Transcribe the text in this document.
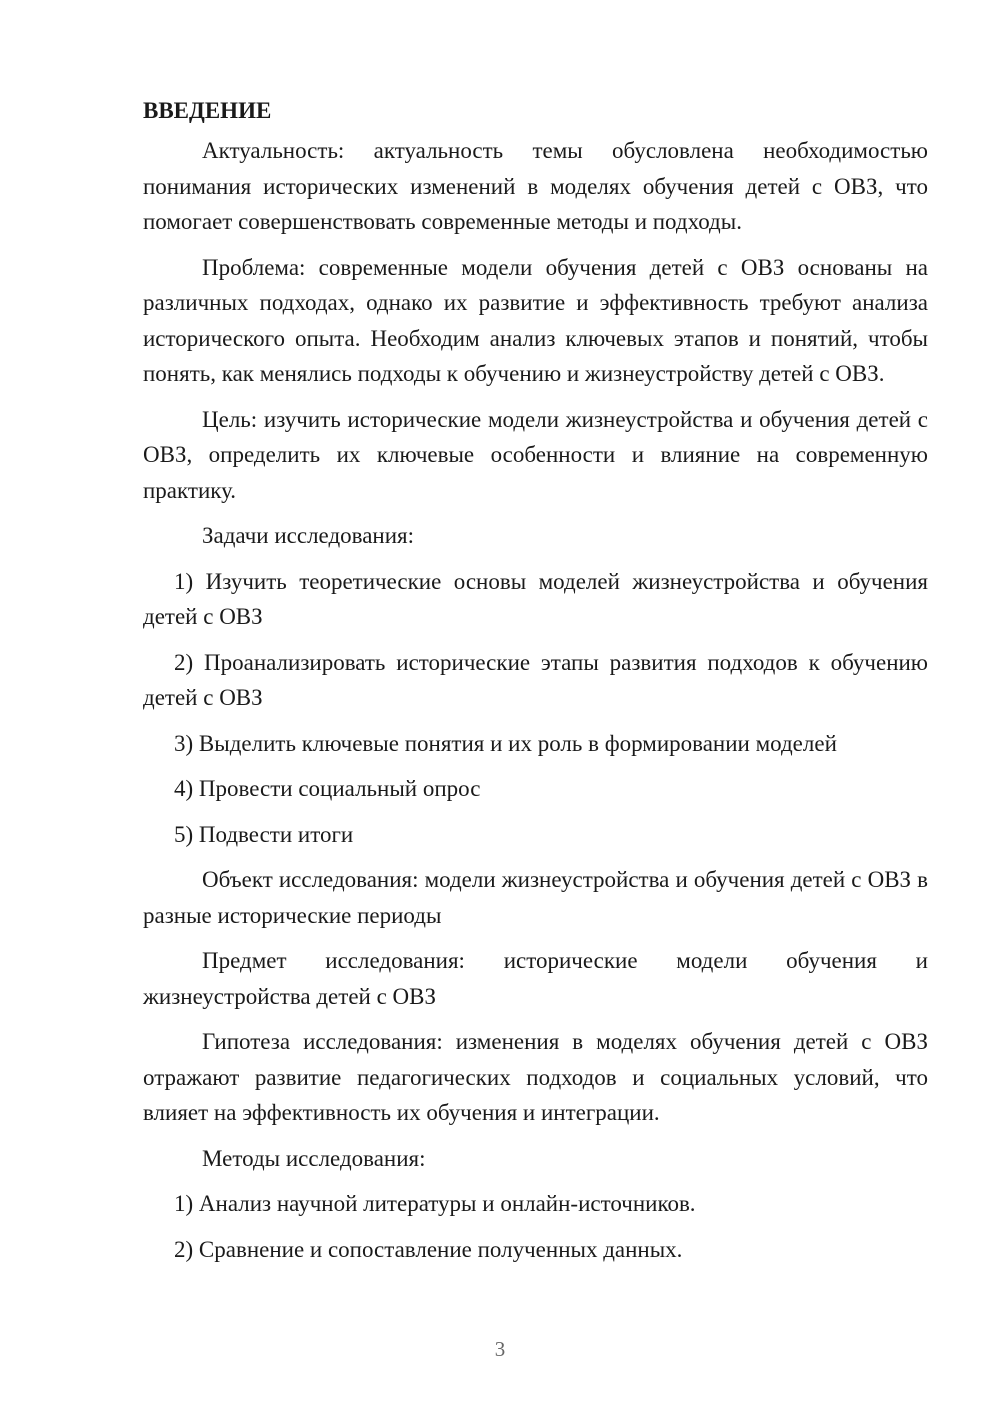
ВВЕДЕНИЕ

Актуальность: актуальность темы обусловлена необходимостью понимания исторических изменений в моделях обучения детей с ОВЗ, что помогает совершенствовать современные методы и подходы.

Проблема: современные модели обучения детей с ОВЗ основаны на различных подходах, однако их развитие и эффективность требуют анализа исторического опыта. Необходим анализ ключевых этапов и понятий, чтобы понять, как менялись подходы к обучению и жизнеустройству детей с ОВЗ.

Цель: изучить исторические модели жизнеустройства и обучения детей с ОВЗ, определить их ключевые особенности и влияние на современную практику.

Задачи исследования:

1) Изучить теоретические основы моделей жизнеустройства и обучения детей с ОВЗ

2) Проанализировать исторические этапы развития подходов к обучению детей с ОВЗ

3) Выделить ключевые понятия и их роль в формировании моделей

4) Провести социальный опрос

5) Подвести итоги

Объект исследования: модели жизнеустройства и обучения детей с ОВЗ в разные исторические периоды

Предмет исследования: исторические модели обучения и жизнеустройства детей с ОВЗ

Гипотеза исследования: изменения в моделях обучения детей с ОВЗ отражают развитие педагогических подходов и социальных условий, что влияет на эффективность их обучения и интеграции.

Методы исследования:

1) Анализ научной литературы и онлайн-источников.

2) Сравнение и сопоставление полученных данных.

3
